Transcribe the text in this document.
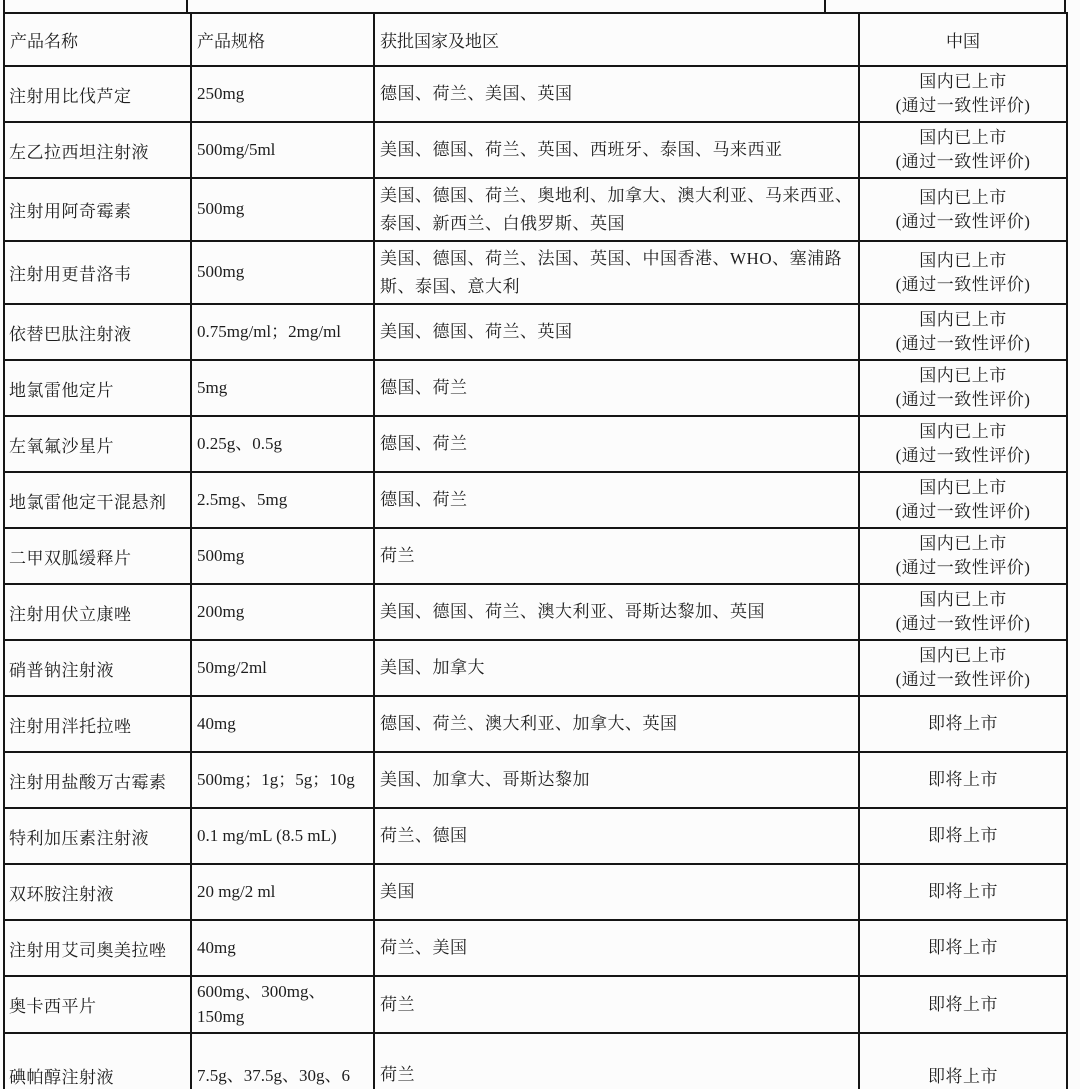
产品名称	产品规格	获批国家及地区	中国
注射用比伐芦定	250mg	德国、荷兰、美国、英国	国内已上市
(通过一致性评价)

左乙拉西坦注射液	500mg/5ml	美国、德国、荷兰、英国、西班牙、泰国、马来西亚	国内已上市
(通过一致性评价)

注射用阿奇霉素	500mg	美国、德国、荷兰、奥地利、加拿大、澳大利亚、马来西亚、泰国、新西兰、白俄罗斯、英国	国内已上市
(通过一致性评价)

注射用更昔洛韦	500mg	美国、德国、荷兰、法国、英国、中国香港、WHO、塞浦路斯、泰国、意大利	国内已上市
(通过一致性评价)

依替巴肽注射液	0.75mg/ml；2mg/ml	美国、德国、荷兰、英国	国内已上市
(通过一致性评价)

地氯雷他定片	5mg	德国、荷兰	国内已上市
(通过一致性评价)

左氧氟沙星片	0.25g、0.5g	德国、荷兰	国内已上市
(通过一致性评价)

地氯雷他定干混悬剂	2.5mg、5mg	德国、荷兰	国内已上市
(通过一致性评价)

二甲双胍缓释片	500mg	荷兰	国内已上市
(通过一致性评价)

注射用伏立康唑	200mg	美国、德国、荷兰、澳大利亚、哥斯达黎加、英国	国内已上市
(通过一致性评价)

硝普钠注射液	50mg/2ml	美国、加拿大	国内已上市
(通过一致性评价)

注射用泮托拉唑	40mg	德国、荷兰、澳大利亚、加拿大、英国	即将上市

注射用盐酸万古霉素	500mg；1g；5g；10g	美国、加拿大、哥斯达黎加	即将上市

特利加压素注射液	0.1 mg/mL (8.5 mL)	荷兰、德国	即将上市

双环胺注射液	20 mg/2 ml	美国	即将上市

注射用艾司奥美拉唑	40mg	荷兰、美国	即将上市

奥卡西平片	600mg、300mg、150mg	荷兰	即将上市

碘帕醇注射液	7.5g、37.5g、30g、6	荷兰	即将上市
